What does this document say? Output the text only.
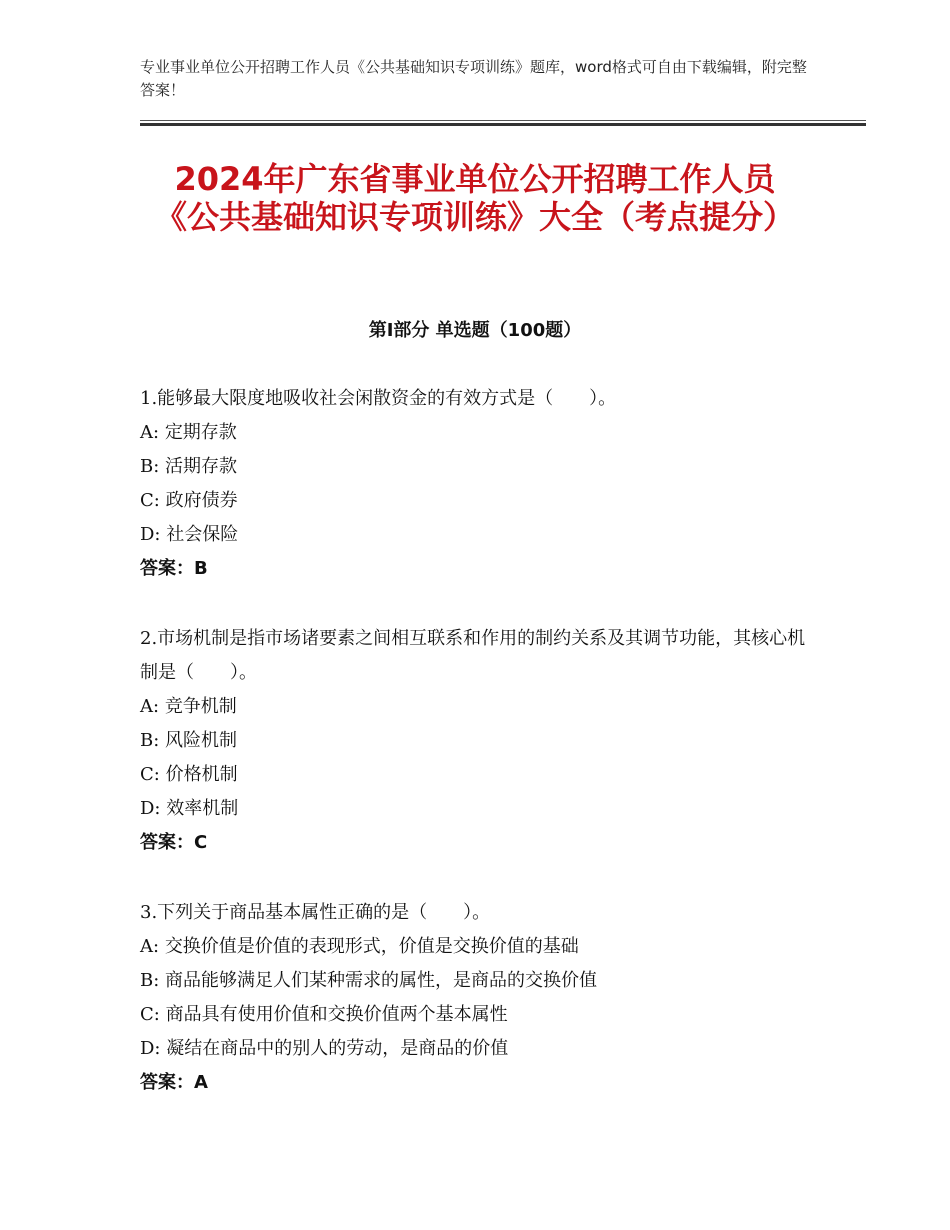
专业事业单位公开招聘工作人员《公共基础知识专项训练》题库，word格式可自由下载编辑，附完整答案！
2024年广东省事业单位公开招聘工作人员《公共基础知识专项训练》大全（考点提分）
第Ⅰ部分 单选题（100题）
1.能够最大限度地吸收社会闲散资金的有效方式是（　　）。
A: 定期存款
B: 活期存款
C: 政府债券
D: 社会保险
答案：B
2.市场机制是指市场诸要素之间相互联系和作用的制约关系及其调节功能，其核心机制是（　　）。
A: 竞争机制
B: 风险机制
C: 价格机制
D: 效率机制
答案：C
3.下列关于商品基本属性正确的是（　　）。
A: 交换价值是价值的表现形式，价值是交换价值的基础
B: 商品能够满足人们某种需求的属性，是商品的交换价值
C: 商品具有使用价值和交换价值两个基本属性
D: 凝结在商品中的别人的劳动，是商品的价值
答案：A
